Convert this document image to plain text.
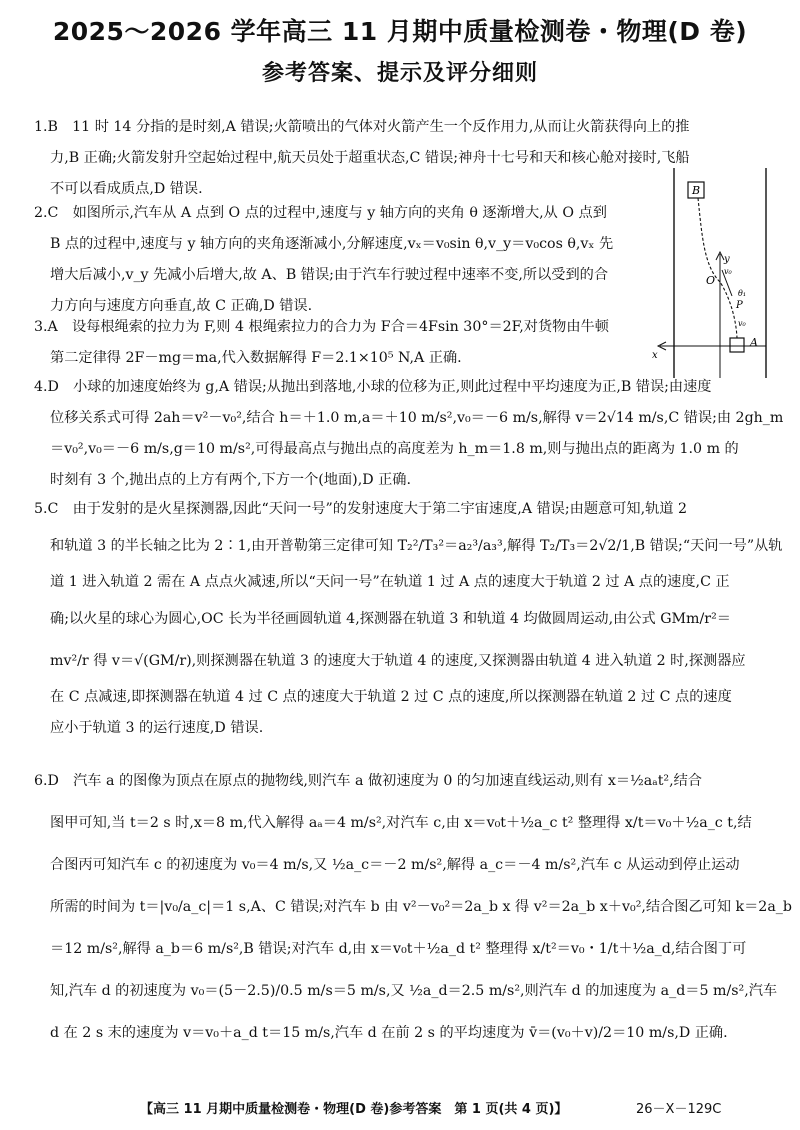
2025～2026 学年高三 11 月期中质量检测卷・物理(D 卷)
参考答案、提示及评分细则
1.B　11 时 14 分指的是时刻,A 错误;火箭喷出的气体对火箭产生一个反作用力,从而让火箭获得向上的推
力,B 正确;火箭发射升空起始过程中,航天员处于超重状态,C 错误;神舟十七号和天和核心舱对接时,飞船
不可以看成质点,D 错误.
2.C　如图所示,汽车从 A 点到 O 点的过程中,速度与 y 轴方向的夹角 θ 逐渐增大,从 O 点到
B 点的过程中,速度与 y 轴方向的夹角逐渐减小,分解速度,vₓ＝v₀sin θ,v_y＝v₀cos θ,vₓ 先
增大后减小,v_y 先减小后增大,故 A、B 错误;由于汽车行驶过程中速率不变,所以受到的合
力方向与速度方向垂直,故 C 正确,D 错误.
3.A　设每根绳索的拉力为 F,则 4 根绳索拉力的合力为 F合＝4Fsin 30°＝2F,对货物由牛顿
第二定律得 2F－mg＝ma,代入数据解得 F＝2.1×10⁵ N,A 正确.
4.D　小球的加速度始终为 g,A 错误;从抛出到落地,小球的位移为正,则此过程中平均速度为正,B 错误;由速度
位移关系式可得 2ah＝v²－v₀²,结合 h＝＋1.0 m,a＝＋10 m/s²,v₀＝－6 m/s,解得 v＝2√14 m/s,C 错误;由 2gh_m
＝v₀²,v₀＝－6 m/s,g＝10 m/s²,可得最高点与抛出点的高度差为 h_m＝1.8 m,则与抛出点的距离为 1.0 m 的
时刻有 3 个,抛出点的上方有两个,下方一个(地面),D 正确.
5.C　由于发射的是火星探测器,因此“天问一号”的发射速度大于第二宇宙速度,A 错误;由题意可知,轨道 2
和轨道 3 的半长轴之比为 2∶1,由开普勒第三定律可知 T₂²/T₃²＝a₂³/a₃³,解得 T₂/T₃＝2√2/1,B 错误;“天问一号”从轨
道 1 进入轨道 2 需在 A 点点火减速,所以“天问一号”在轨道 1 过 A 点的速度大于轨道 2 过 A 点的速度,C 正
确;以火星的球心为圆心,OC 长为半径画圆轨道 4,探测器在轨道 3 和轨道 4 均做圆周运动,由公式 GMm/r²＝
mv²/r 得 v＝√(GM/r),则探测器在轨道 3 的速度大于轨道 4 的速度,又探测器由轨道 4 进入轨道 2 时,探测器应
在 C 点减速,即探测器在轨道 4 过 C 点的速度大于轨道 2 过 C 点的速度,所以探测器在轨道 2 过 C 点的速度
应小于轨道 3 的运行速度,D 错误.
6.D　汽车 a 的图像为顶点在原点的抛物线,则汽车 a 做初速度为 0 的匀加速直线运动,则有 x＝½aₐt²,结合
图甲可知,当 t＝2 s 时,x＝8 m,代入解得 aₐ＝4 m/s²,对汽车 c,由 x＝v₀t＋½a_c t² 整理得 x/t＝v₀＋½a_c t,结
合图丙可知汽车 c 的初速度为 v₀＝4 m/s,又 ½a_c＝－2 m/s²,解得 a_c＝－4 m/s²,汽车 c 从运动到停止运动
所需的时间为 t＝|v₀/a_c|＝1 s,A、C 错误;对汽车 b 由 v²－v₀²＝2a_b x 得 v²＝2a_b x＋v₀²,结合图乙可知 k＝2a_b
＝12 m/s²,解得 a_b＝6 m/s²,B 错误;对汽车 d,由 x＝v₀t＋½a_d t² 整理得 x/t²＝v₀・1/t＋½a_d,结合图丁可
知,汽车 d 的初速度为 v₀＝(5－2.5)/0.5 m/s＝5 m/s,又 ½a_d＝2.5 m/s²,则汽车 d 的加速度为 a_d＝5 m/s²,汽车
d 在 2 s 末的速度为 v＝v₀＋a_d t＝15 m/s,汽车 d 在前 2 s 的平均速度为 v̄＝(v₀＋v)/2＝10 m/s,D 正确.
B
A
y
x
O
v₀
θ₁
P
v₀
【高三 11 月期中质量检测卷・物理(D 卷)参考答案　第 1 页(共 4 页)】	26－X－129C
